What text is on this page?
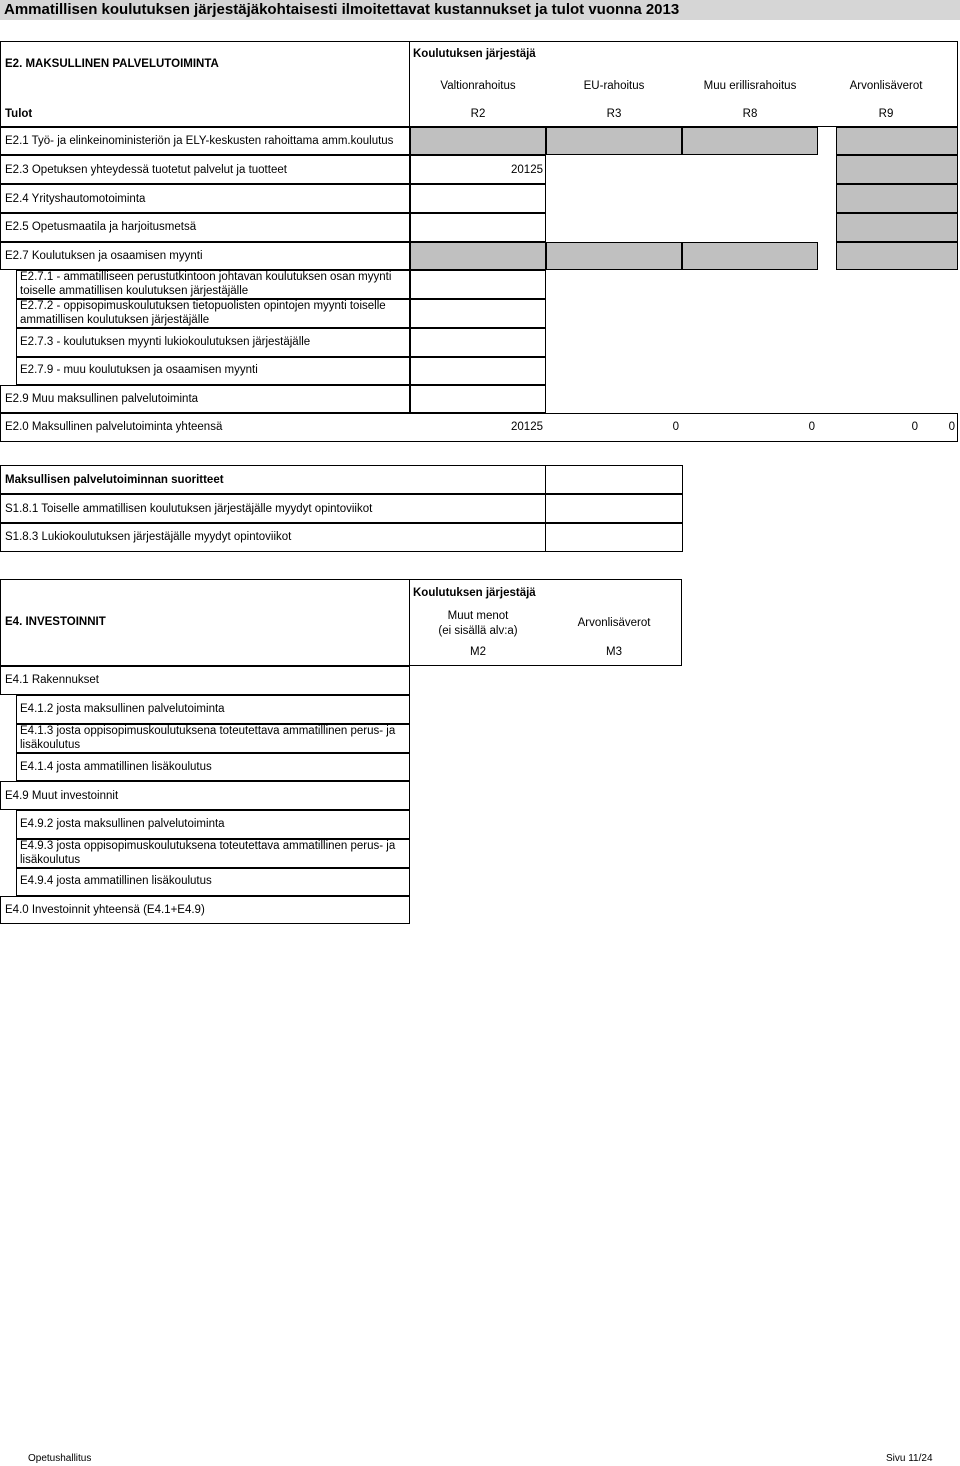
Ammatillisen koulutuksen järjestäjäkohtaisesti ilmoitettavat kustannukset ja tulot vuonna 2013
E2. MAKSULLINEN PALVELUTOIMINTA
Koulutuksen järjestäjä
Tulot
Valtionrahoitus	EU-rahoitus	Muu erillisrahoitus	Arvonlisäverot
R2	R3	R8	R9
E2.1 Työ- ja elinkeinoministeriön ja ELY-keskusten rahoittama amm.koulutus
E2.3 Opetuksen yhteydessä tuotetut palvelut ja tuotteet	20125
E2.4 Yrityshautomotoiminta
E2.5 Opetusmaatila ja harjoitusmetsä
E2.7 Koulutuksen ja osaamisen myynti
E2.7.1 - ammatilliseen perustutkintoon johtavan koulutuksen osan myynti toiselle ammatillisen koulutuksen järjestäjälle
E2.7.2 - oppisopimuskoulutuksen tietopuolisten opintojen myynti toiselle ammatillisen koulutuksen järjestäjälle
E2.7.3 - koulutuksen myynti lukiokoulutuksen järjestäjälle
E2.7.9 - muu koulutuksen ja osaamisen myynti
E2.9 Muu maksullinen palvelutoiminta
E2.0 Maksullinen palvelutoiminta yhteensä	20125	0	0	0	0
Maksullisen palvelutoiminnan suoritteet
S1.8.1 Toiselle ammatillisen koulutuksen järjestäjälle myydyt opintoviikot
S1.8.3 Lukiokoulutuksen järjestäjälle myydyt opintoviikot
Koulutuksen järjestäjä
E4. INVESTOINNIT	Muut menot
(ei sisällä alv:a)
Arvonlisäverot
M2	M3
E4.1 Rakennukset
E4.1.2 josta maksullinen palvelutoiminta
E4.1.3 josta oppisopimuskoulutuksena toteutettava ammatillinen perus- ja lisäkoulutus
E4.1.4 josta ammatillinen lisäkoulutus
E4.9 Muut investoinnit
E4.9.2 josta maksullinen palvelutoiminta
E4.9.3 josta oppisopimuskoulutuksena toteutettava ammatillinen perus- ja lisäkoulutus
E4.9.4 josta ammatillinen lisäkoulutus
E4.0 Investoinnit yhteensä (E4.1+E4.9)
Opetushallitus	Sivu 11/24
